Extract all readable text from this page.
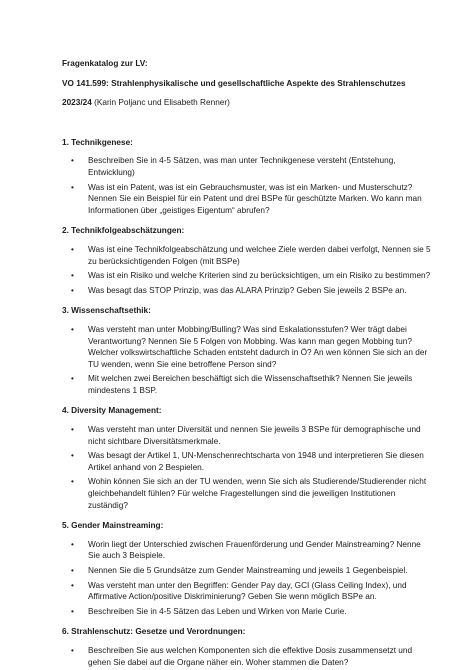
Fragenkatalog zur LV:
VO 141.599: Strahlenphysikalische und gesellschaftliche Aspekte des Strahlenschutzes
2023/24 (Karin Poljanc und Elisabeth Renner)
1. Technikgenese:
• Beschreiben Sie in 4-5 Sätzen, was man unter Technikgenese versteht (Entstehung, Entwicklung)
• Was ist ein Patent, was ist ein Gebrauchsmuster, was ist ein Marken- und Musterschutz? Nennen Sie ein Beispiel für ein Patent und drei BSPe für geschützte Marken. Wo kann man Informationen über „geistiges Eigentum“ abrufen?
2. Technikfolgeabschätzungen:
• Was ist eine Technikfolgeabschätzung und welchee Ziele werden dabei verfolgt, Nennen sie 5 zu berücksichtigenden Folgen (mit BSPe)
• Was ist ein Risiko und welche Kriterien sind zu berücksichtigen, um ein Risiko zu bestimmen?
• Was besagt das STOP Prinzip, was das ALARA Prinzip? Geben Sie jeweils 2 BSPe an.
3. Wissenschaftsethik:
• Was versteht man unter Mobbing/Bulling? Was sind Eskalationsstufen? Wer trägt dabei Verantwortung? Nennen Sie 5 Folgen von Mobbing. Was kann man gegen Mobbing tun? Welcher volkswirtschaftliche Schaden entsteht dadurch in Ö? An wen können Sie sich an der TU wenden, wenn Sie eine betroffene Person sind?
• Mit welchen zwei Bereichen beschäftigt sich die Wissenschaftsethik? Nennen Sie jeweils mindestens 1 BSP.
4. Diversity Management:
• Was versteht man unter Diversität und nennen Sie jeweils 3 BSPe für demographische und nicht sichtbare Diversitätsmerkmale.
• Was besagt der Artikel 1, UN-Menschenrechtscharta von 1948 und interpretieren Sie diesen Artikel anhand von 2 Bespielen.
• Wohin können Sie sich an der TU wenden, wenn Sie sich als Studierende/Studierender nicht gleichbehandelt fühlen? Für welche Fragestellungen sind die jeweiligen Institutionen zuständig?
5. Gender Mainstreaming:
• Worin liegt der Unterschied zwischen Frauenförderung und Gender Mainstreaming? Nenne Sie auch 3 Beispiele.
• Nennen Sie die 5 Grundsätze zum Gender Mainstreaming und jeweils 1 Gegenbeispiel.
• Was versteht man unter den Begriffen: Gender Pay day, GCI (Glass Ceiling Index), und Affirmative Action/positive Diskriminierung? Geben Sie wenn möglich BSPe an.
• Beschreiben Sie in 4-5 Sätzen das Leben und Wirken von Marie Curie.
6. Strahlenschutz: Gesetze und Verordnungen:
• Beschreiben Sie aus welchen Komponenten sich die effektive Dosis zusammensetzt und gehen Sie dabei auf die Organe näher ein. Woher stammen die Daten?
